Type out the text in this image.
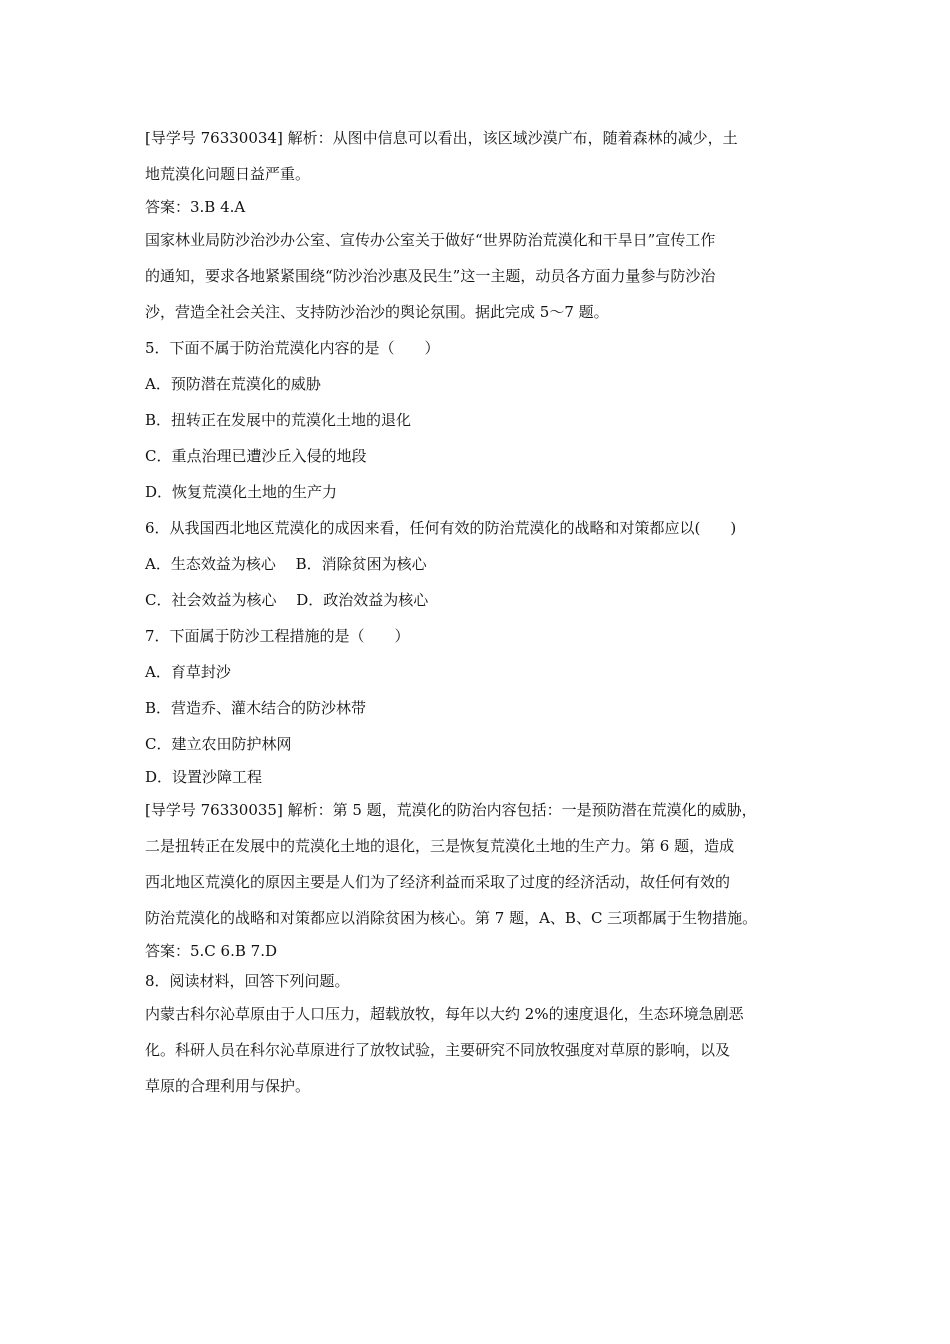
[导学号 76330034] 解析：从图中信息可以看出，该区域沙漠广布，随着森林的减少，土
地荒漠化问题日益严重。
答案：3.B 4.A
国家林业局防沙治沙办公室、宣传办公室关于做好“世界防治荒漠化和干旱日”宣传工作
的通知，要求各地紧紧围绕“防沙治沙惠及民生”这一主题，动员各方面力量参与防沙治
沙，营造全社会关注、支持防沙治沙的舆论氛围。据此完成 5～7 题。
5．下面不属于防治荒漠化内容的是（　　）
A．预防潜在荒漠化的威胁
B．扭转正在发展中的荒漠化土地的退化
C．重点治理已遭沙丘入侵的地段
D．恢复荒漠化土地的生产力
6．从我国西北地区荒漠化的成因来看，任何有效的防治荒漠化的战略和对策都应以(　　)
A．生态效益为核心　 B．消除贫困为核心
C．社会效益为核心　 D．政治效益为核心
7．下面属于防沙工程措施的是（　　）
A．育草封沙
B．营造乔、灌木结合的防沙林带
C．建立农田防护林网
D．设置沙障工程
[导学号 76330035] 解析：第 5 题，荒漠化的防治内容包括：一是预防潜在荒漠化的威胁，
二是扭转正在发展中的荒漠化土地的退化，三是恢复荒漠化土地的生产力。第 6 题，造成
西北地区荒漠化的原因主要是人们为了经济利益而采取了过度的经济活动，故任何有效的
防治荒漠化的战略和对策都应以消除贫困为核心。第 7 题，A、B、C 三项都属于生物措施。
答案：5.C 6.B 7.D
8．阅读材料，回答下列问题。
内蒙古科尔沁草原由于人口压力，超载放牧，每年以大约 2%的速度退化，生态环境急剧恶
化。科研人员在科尔沁草原进行了放牧试验，主要研究不同放牧强度对草原的影响，以及
草原的合理利用与保护。
